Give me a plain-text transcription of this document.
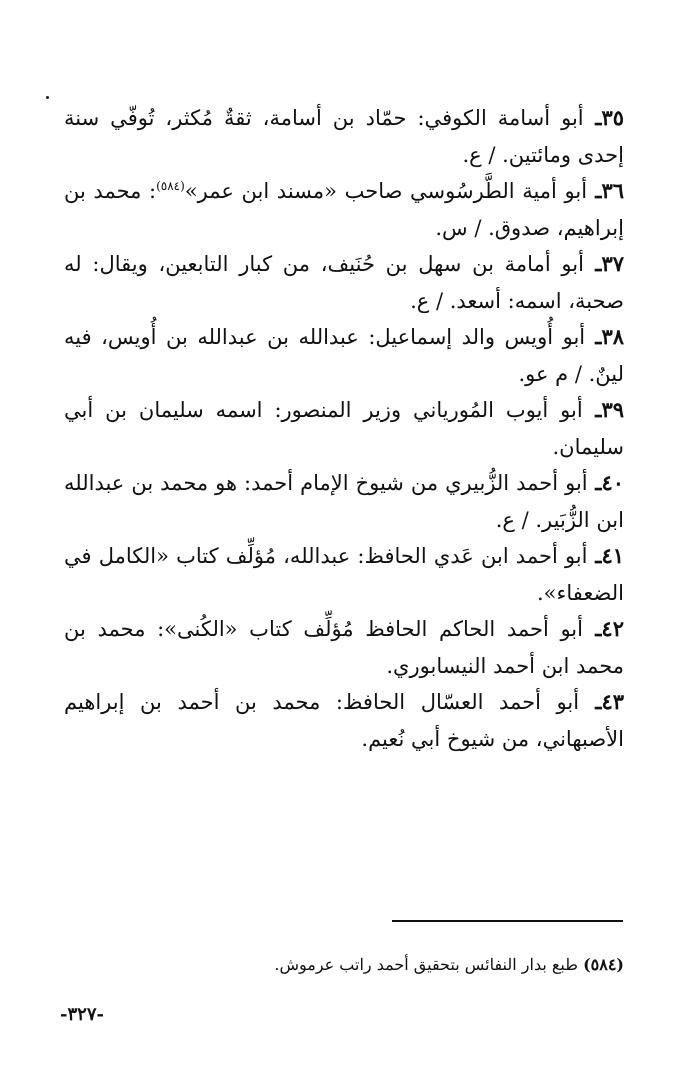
٣٥ـ أبو أسامة الكوفي: حمّاد بن أسامة، ثقةٌ مُكثر، تُوفّي سنة إحدى ومائتين. / ع.

٣٦ـ أبو أمية الطَّرسُوسي صاحب «مسند ابن عمر»$^{(٥٨٤)}$: محمد بن إبراهيم، صدوق. / س.

٣٧ـ أبو أمامة بن سهل بن حُنَيف، من كبار التابعين، ويقال: له صحبة، اسمه: أسعد. / ع.

٣٨ـ أبو أُويس والد إسماعيل: عبدالله بن عبدالله بن أُويس، فيه لينٌ. / م عو.

٣٩ـ أبو أيوب المُورياني وزير المنصور: اسمه سليمان بن أبي سليمان.

٤٠ـ أبو أحمد الزُّبيري من شيوخ الإمام أحمد: هو محمد بن عبدالله ابن الزُّبَير. / ع.

٤١ـ أبو أحمد ابن عَدي الحافظ: عبدالله، مُؤلِّف كتاب «الكامل في الضعفاء».

٤٢ـ أبو أحمد الحاكم الحافظ مُؤلِّف كتاب «الكُنى»: محمد بن محمد ابن أحمد النيسابوري.

٤٣ـ أبو أحمد العسّال الحافظ: محمد بن أحمد بن إبراهيم الأصبهاني، من شيوخ أبي نُعيم.

(٥٨٤) طبع بدار النفائس بتحقيق أحمد راتب عرموش.
-٣٢٧-
